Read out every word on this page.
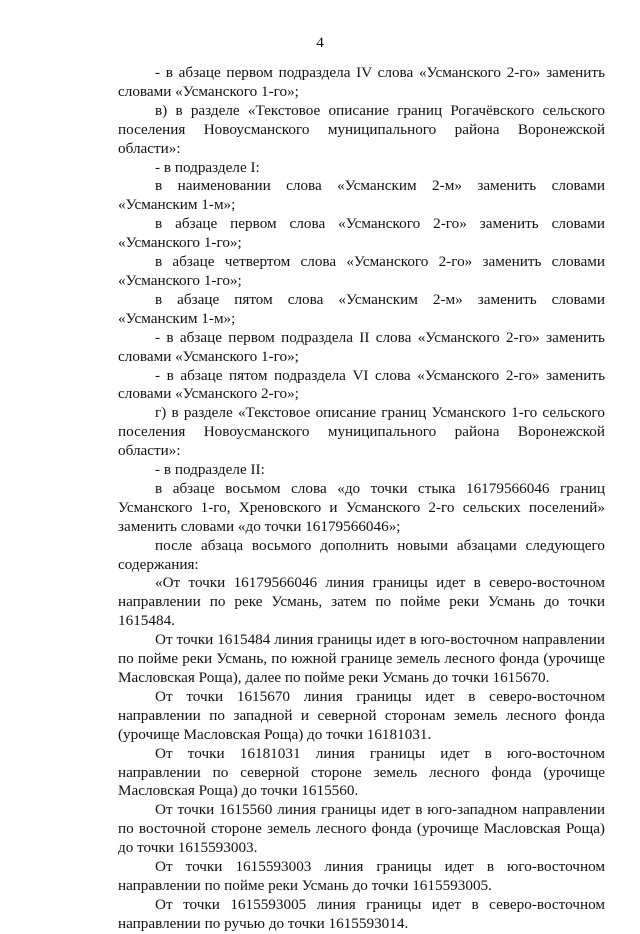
4

- в абзаце первом подраздела IV слова «Усманского 2-го» заменить словами «Усманского 1-го»;

в) в разделе «Текстовое описание границ Рогачёвского сельского поселения Новоусманского муниципального района Воронежской области»:

- в подразделе I:

в наименовании слова «Усманским 2-м» заменить словами «Усманским 1-м»;

в абзаце первом слова «Усманского 2-го» заменить словами «Усманского 1-го»;

в абзаце четвертом слова «Усманского 2-го» заменить словами «Усманского 1-го»;

в абзаце пятом слова «Усманским 2-м» заменить словами «Усманским 1-м»;

- в абзаце первом подраздела II слова «Усманского 2-го» заменить словами «Усманского 1-го»;

- в абзаце пятом подраздела VI слова «Усманского 2-го» заменить словами «Усманского 2-го»;

г) в разделе «Текстовое описание границ Усманского 1-го сельского поселения Новоусманского муниципального района Воронежской области»:

- в подразделе II:

в абзаце восьмом слова «до точки стыка 16179566046 границ Усманского 1-го, Хреновского и Усманского 2-го сельских поселений» заменить словами «до точки 16179566046»;

после абзаца восьмого дополнить новыми абзацами следующего содержания:

«От точки 16179566046 линия границы идет в северо-восточном направлении по реке Усмань, затем по пойме реки Усмань до точки 1615484.

От точки 1615484 линия границы идет в юго-восточном направлении по пойме реки Усмань, по южной границе земель лесного фонда (урочище Масловская Роща), далее по пойме реки Усмань до точки 1615670.

От точки 1615670 линия границы идет в северо-восточном направлении по западной и северной сторонам земель лесного фонда (урочище Масловская Роща) до точки 16181031.

От точки 16181031 линия границы идет в юго-восточном направлении по северной стороне земель лесного фонда (урочище Масловская Роща) до точки 1615560.

От точки 1615560 линия границы идет в юго-западном направлении по восточной стороне земель лесного фонда (урочище Масловская Роща) до точки 1615593003.

От точки 1615593003 линия границы идет в юго-восточном направлении по пойме реки Усмань до точки 1615593005.

От точки 1615593005 линия границы идет в северо-восточном направлении по ручью до точки 1615593014.
